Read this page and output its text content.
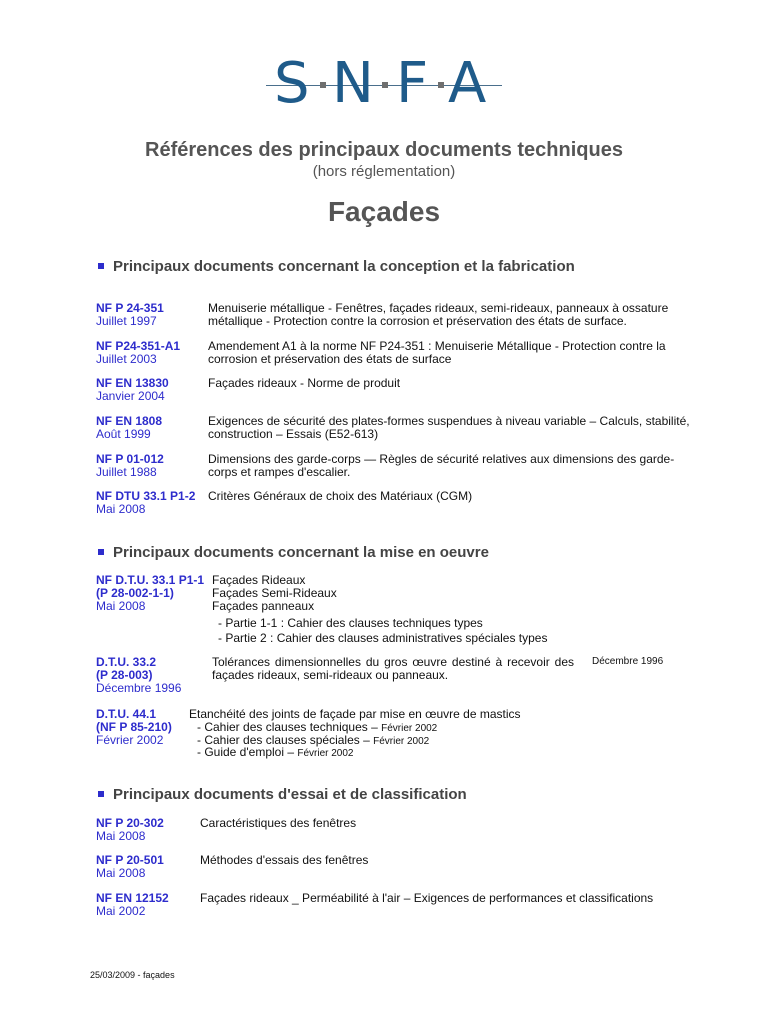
S N F A
Références des principaux documents techniques
(hors réglementation)
Façades
Principaux documents concernant la conception et la fabrication
NF P 24-351
Juillet 1997
Menuiserie métallique - Fenêtres, façades rideaux, semi-rideaux, panneaux à ossature
métallique - Protection contre la corrosion et préservation des états de surface.
NF P24-351-A1
Juillet 2003
Amendement A1 à la norme NF P24-351 : Menuiserie Métallique - Protection contre la
corrosion et préservation des états de surface
NF EN 13830
Janvier 2004
Façades rideaux - Norme de produit
NF EN 1808
Août 1999
Exigences de sécurité des plates-formes suspendues à niveau variable – Calculs, stabilité,
construction – Essais (E52-613)
NF P 01-012
Juillet 1988
Dimensions des garde-corps — Règles de sécurité relatives aux dimensions des garde-
corps et rampes d'escalier.
NF DTU 33.1 P1-2
Mai 2008
Critères Généraux de choix des Matériaux (CGM)
Principaux documents concernant la mise en oeuvre
NF D.T.U. 33.1 P1-1
(P 28-002-1-1)
Mai 2008
Façades Rideaux
Façades Semi-Rideaux
Façades panneaux
- Partie 1-1 : Cahier des clauses techniques types
- Partie 2 : Cahier des clauses administratives spéciales types
D.T.U. 33.2
(P 28-003)
Décembre 1996
Tolérances dimensionnelles du gros œuvre destiné à recevoir des
façades rideaux, semi-rideaux ou panneaux.
Décembre 1996
D.T.U. 44.1
(NF P 85-210)
Février 2002
Etanchéité des joints de façade par mise en œuvre de mastics
- Cahier des clauses techniques – Février 2002
- Cahier des clauses spéciales – Février 2002
- Guide d'emploi – Février 2002
Principaux documents d'essai et de classification
NF P 20-302
Mai 2008
Caractéristiques des fenêtres
NF P 20-501
Mai 2008
Méthodes d'essais des fenêtres
NF EN 12152
Mai 2002
Façades rideaux _ Perméabilité à l'air – Exigences de performances et classifications
25/03/2009 - façades
